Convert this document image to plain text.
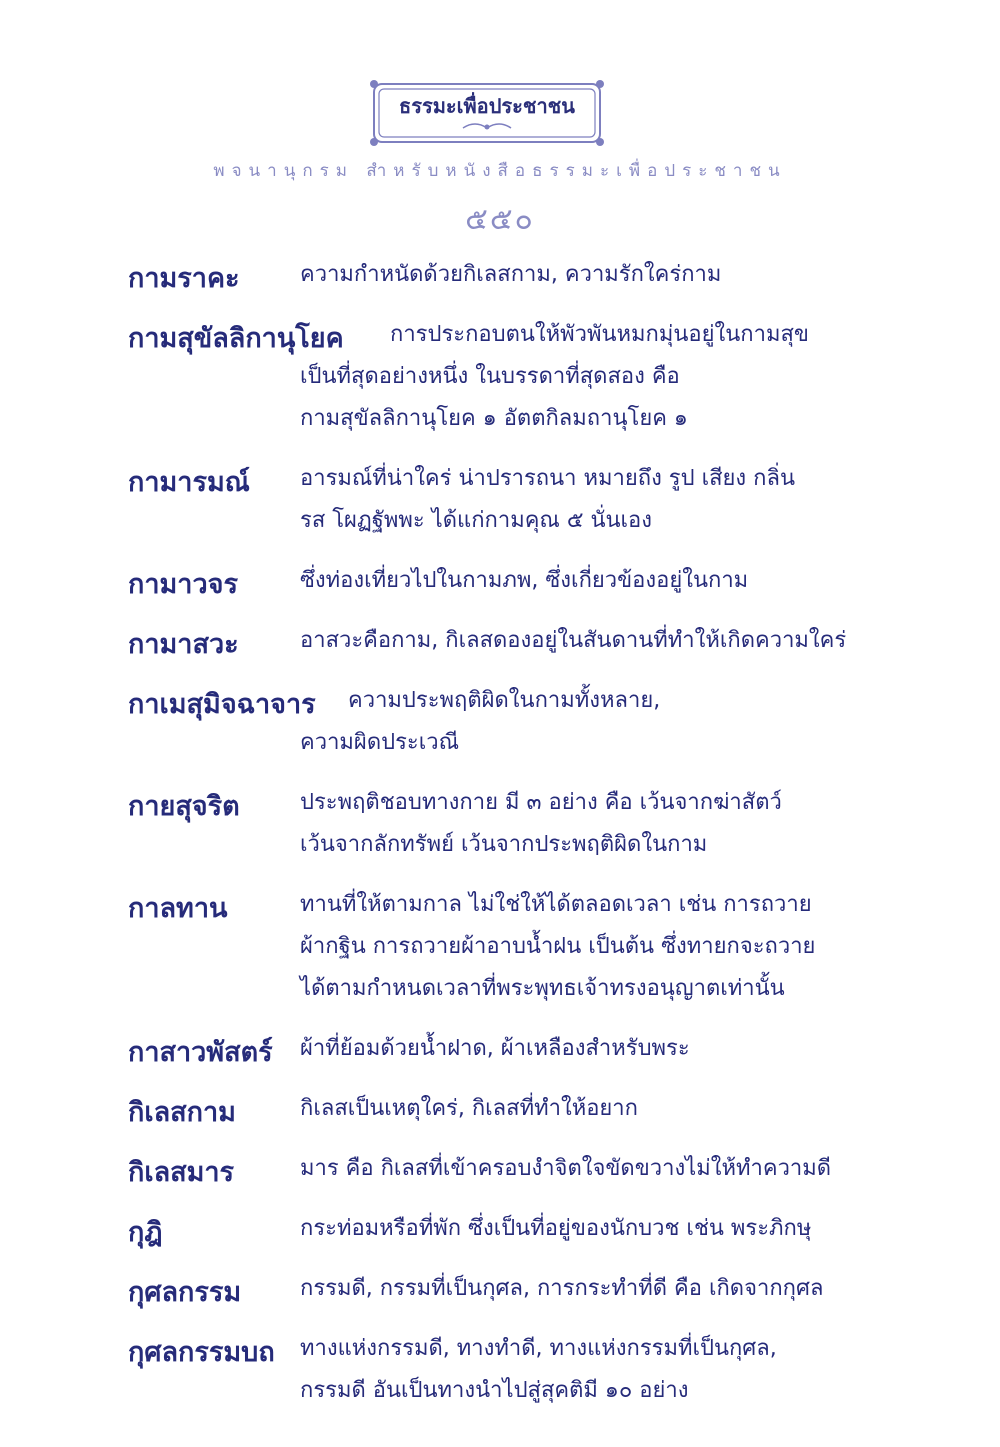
ธรรมะเพื่อประชาชน
พจนานุกรม สำหรับหนังสือธรรมะเพื่อประชาชน
๕๕๐
กามราคะ	ความกำหนัดด้วยกิเลสกาม, ความรักใคร่กาม
กามสุขัลลิกานุโยค การประกอบตนให้พัวพันหมกมุ่นอยู่ในกามสุข
เป็นที่สุดอย่างหนึ่ง ในบรรดาที่สุดสอง คือ
กามสุขัลลิกานุโยค ๑ อัตตกิลมถานุโยค ๑
กามารมณ์ อารมณ์ที่น่าใคร่ น่าปรารถนา หมายถึง รูป เสียง กลิ่น
รส โผฏฐัพพะ ได้แก่กามคุณ ๕ นั่นเอง
กามาวจร	ซึ่งท่องเที่ยวไปในกามภพ, ซึ่งเกี่ยวข้องอยู่ในกาม
กามาสวะ	อาสวะคือกาม, กิเลสดองอยู่ในสันดานที่ทำให้เกิดความใคร่
กาเมสุมิจฉาจาร ความประพฤติผิดในกามทั้งหลาย,
ความผิดประเวณี
กายสุจริต	ประพฤติชอบทางกาย มี ๓ อย่าง คือ เว้นจากฆ่าสัตว์
เว้นจากลักทรัพย์ เว้นจากประพฤติผิดในกาม
กาลทาน	ทานที่ให้ตามกาล ไม่ใช่ให้ได้ตลอดเวลา เช่น การถวาย
ผ้ากฐิน การถวายผ้าอาบน้ำฝน เป็นต้น ซึ่งทายกจะถวาย
ได้ตามกำหนดเวลาที่พระพุทธเจ้าทรงอนุญาตเท่านั้น
กาสาวพัสตร์ ผ้าที่ย้อมด้วยน้ำฝาด, ผ้าเหลืองสำหรับพระ
กิเลสกาม	กิเลสเป็นเหตุใคร่, กิเลสที่ทำให้อยาก
กิเลสมาร	มาร คือ กิเลสที่เข้าครอบงำจิตใจขัดขวางไม่ให้ทำความดี
กุฎิ	กระท่อมหรือที่พัก ซึ่งเป็นที่อยู่ของนักบวช เช่น พระภิกษุ
กุศลกรรม	กรรมดี, กรรมที่เป็นกุศล, การกระทำที่ดี คือ เกิดจากกุศล
กุศลกรรมบถ ทางแห่งกรรมดี, ทางทำดี, ทางแห่งกรรมที่เป็นกุศล,
กรรมดี อันเป็นทางนำไปสู่สุคติมี ๑๐ อย่าง
